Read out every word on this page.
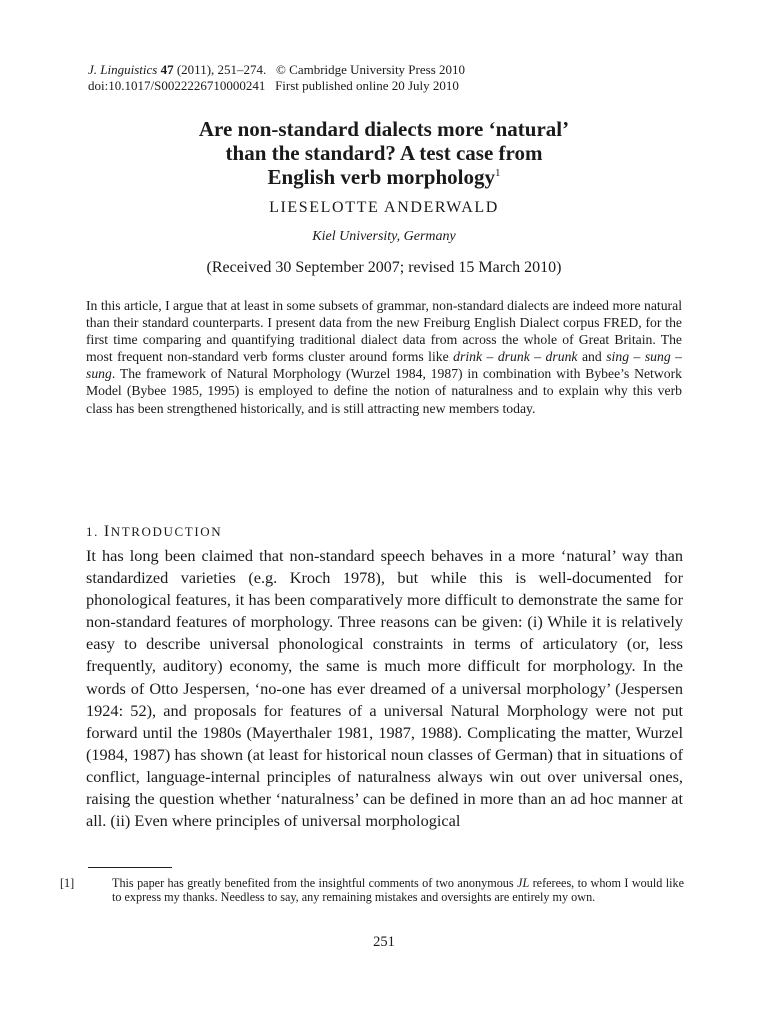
J. Linguistics 47 (2011), 251–274. © Cambridge University Press 2010
doi:10.1017/S0022226710000241 First published online 20 July 2010
Are non-standard dialects more ‘natural’
than the standard? A test case from
English verb morphology$^1$
LIESELOTTE ANDERWALD
Kiel University, Germany
(Received 30 September 2007; revised 15 March 2010)
In this article, I argue that at least in some subsets of grammar, non-standard dialects are indeed more natural than their standard counterparts. I present data from the new Freiburg English Dialect corpus FRED, for the first time comparing and quantifying traditional dialect data from across the whole of Great Britain. The most frequent non-standard verb forms cluster around forms like drink – drunk – drunk and sing – sung – sung. The framework of Natural Morphology (Wurzel 1984, 1987) in combination with Bybee’s Network Model (Bybee 1985, 1995) is employed to define the notion of naturalness and to explain why this verb class has been strengthened historically, and is still attracting new members today.
1. INTRODUCTION
It has long been claimed that non-standard speech behaves in a more ‘natural’ way than standardized varieties (e.g. Kroch 1978), but while this is well-documented for phonological features, it has been comparatively more difficult to demonstrate the same for non-standard features of morphology. Three reasons can be given: (i) While it is relatively easy to describe universal phonological constraints in terms of articulatory (or, less frequently, auditory) economy, the same is much more difficult for morphology. In the words of Otto Jespersen, ‘no-one has ever dreamed of a universal morphology’ (Jespersen 1924: 52), and proposals for features of a universal Natural Morphology were not put forward until the 1980s (Mayerthaler 1981, 1987, 1988). Complicating the matter, Wurzel (1984, 1987) has shown (at least for historical noun classes of German) that in situations of conflict, language-internal principles of naturalness always win out over universal ones, raising the question whether ‘naturalness’ can be defined in more than an ad hoc manner at all. (ii) Even where principles of universal morphological
[1]	This paper has greatly benefited from the insightful comments of two anonymous JL referees, to whom I would like to express my thanks. Needless to say, any remaining mistakes and oversights are entirely my own.
251
